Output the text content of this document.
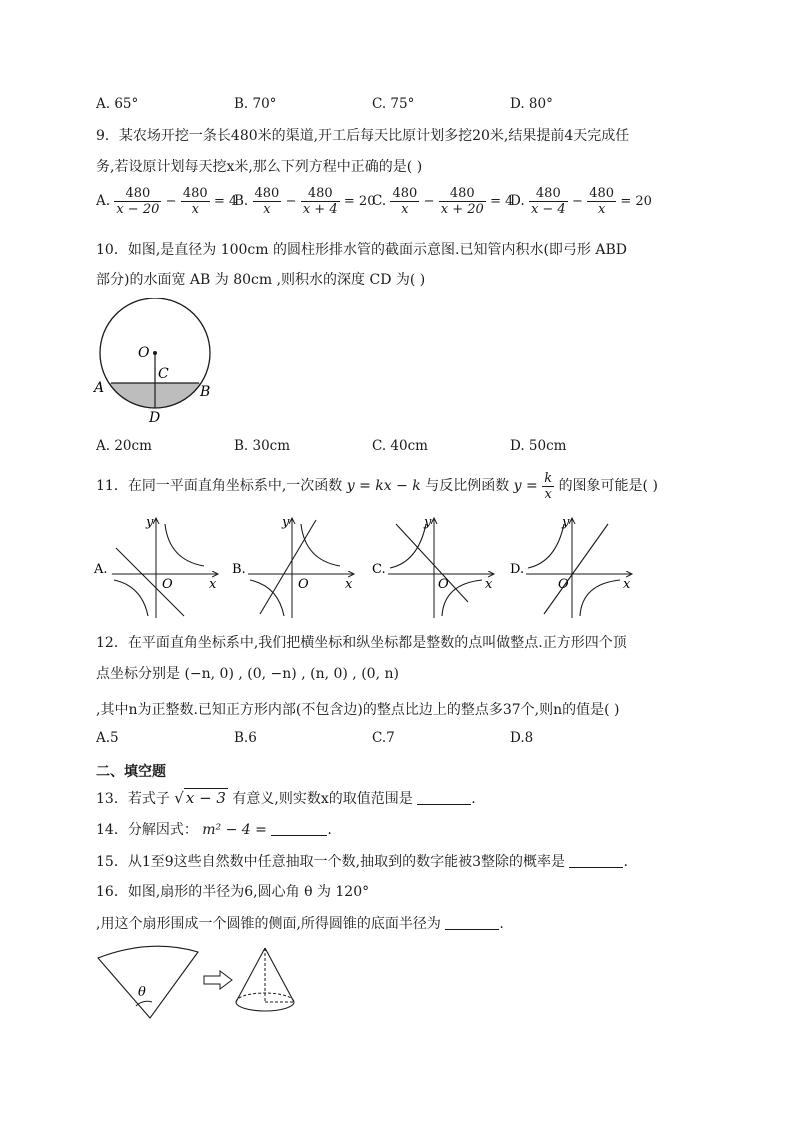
A. 65°	B. 70°	C. 75°	D. 80°
9．某农场开挖一条长480米的渠道,开工后每天比原计划多挖20米,结果提前4天完成任
务,若设原计划每天挖x米,那么下列方程中正确的是( )
A. $\frac{480}{x - 20} - \frac{480}{x} = 4$
B. $\frac{480}{x} - \frac{480}{x + 4} = 20$
C. $\frac{480}{x} - \frac{480}{x + 20} = 4$
D. $\frac{480}{x - 4} - \frac{480}{x} = 20$
10．如图,是直径为 100cm 的圆柱形排水管的截面示意图.已知管内积水(即弓形 ABD
部分)的水面宽 AB 为 80cm ,则积水的深度 CD 为( )
O
C
A	B
D
A. 20cm	B. 30cm	C. 40cm	D. 50cm
11．在同一平面直角坐标系中,一次函数 y = kx − k 与反比例函数 $y = \frac{k}{x}$ 的图象可能是( )
A.
x
y
O
B.
x
y
O
C.
x
y
O
D.
x
y
O
12．在平面直角坐标系中,我们把横坐标和纵坐标都是整数的点叫做整点.正方形四个顶
点坐标分别是 (−n, 0) , (0, −n) , (n, 0) , (0, n)
,其中n为正整数.已知正方形内部(不包含边)的整点比边上的整点多37个,则n的值是( )
A.5	B.6	C.7	D.8
二、填空题
13．若式子 √ x − 3 有意义,则实数x的取值范围是	.
14．分解因式： m² − 4 =	.
15．从1至9这些自然数中任意抽取一个数,抽取到的数字能被3整除的概率是	.
16．如图,扇形的半径为6,圆心角 θ 为 120°
,用这个扇形围成一个圆锥的侧面,所得圆锥的底面半径为	.
θ
